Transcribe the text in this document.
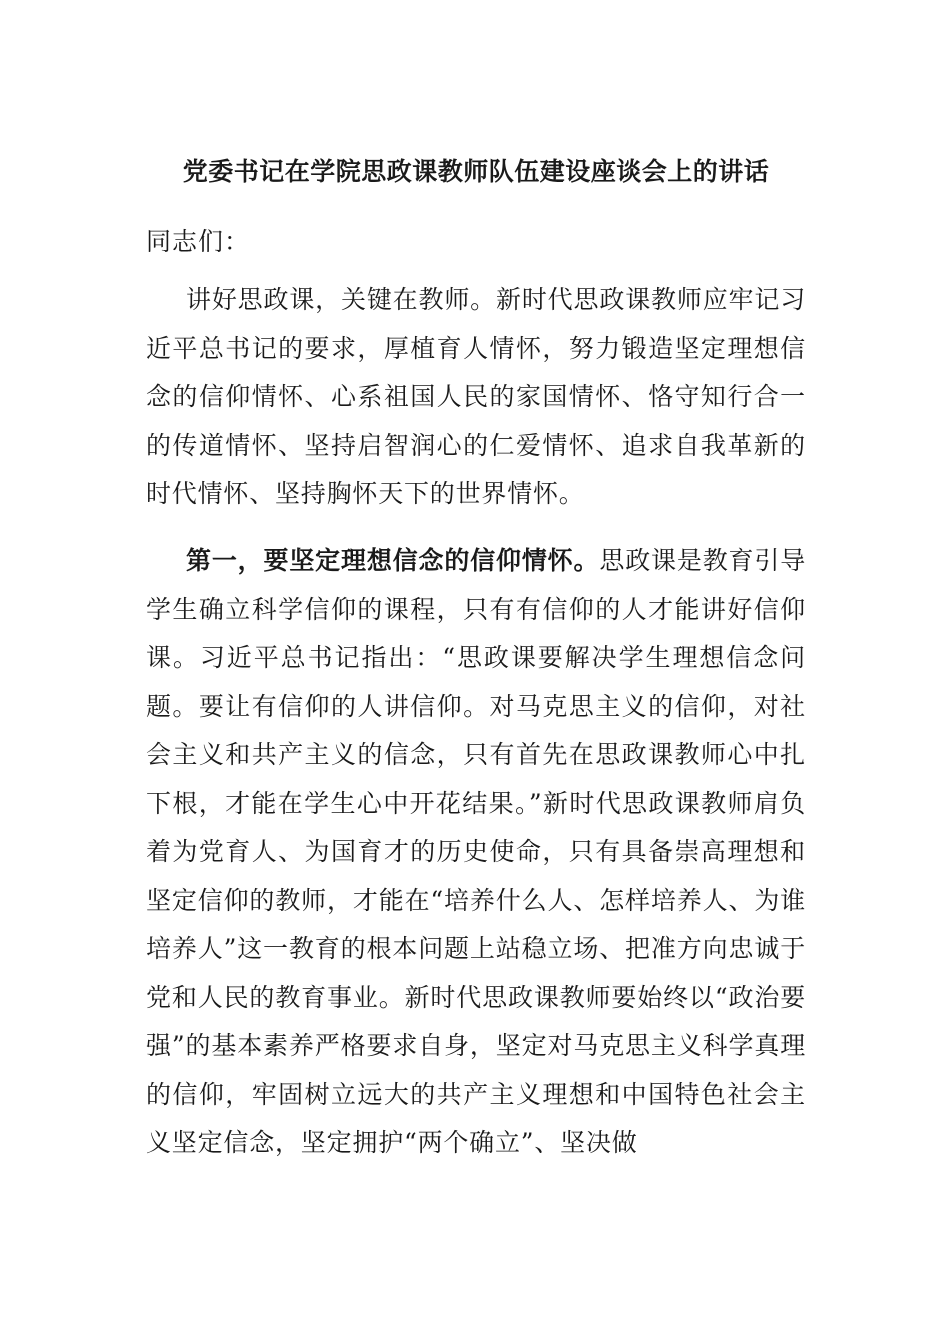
党委书记在学院思政课教师队伍建设座谈会上的讲话
同志们：

讲好思政课，关键在教师。新时代思政课教师应牢记习近平总书记的要求，厚植育人情怀，努力锻造坚定理想信念的信仰情怀、心系祖国人民的家国情怀、恪守知行合一的传道情怀、坚持启智润心的仁爱情怀、追求自我革新的时代情怀、坚持胸怀天下的世界情怀。

第一，要坚定理想信念的信仰情怀。思政课是教育引导学生确立科学信仰的课程，只有有信仰的人才能讲好信仰课。习近平总书记指出：“思政课要解决学生理想信念问题。要让有信仰的人讲信仰。对马克思主义的信仰，对社会主义和共产主义的信念，只有首先在思政课教师心中扎下根，才能在学生心中开花结果。”新时代思政课教师肩负着为党育人、为国育才的历史使命，只有具备崇高理想和坚定信仰的教师，才能在“培养什么人、怎样培养人、为谁培养人”这一教育的根本问题上站稳立场、把准方向忠诚于党和人民的教育事业。新时代思政课教师要始终以“政治要强”的基本素养严格要求自身，坚定对马克思主义科学真理的信仰，牢固树立远大的共产主义理想和中国特色社会主义坚定信念，坚定拥护“两个确立”、坚决做
